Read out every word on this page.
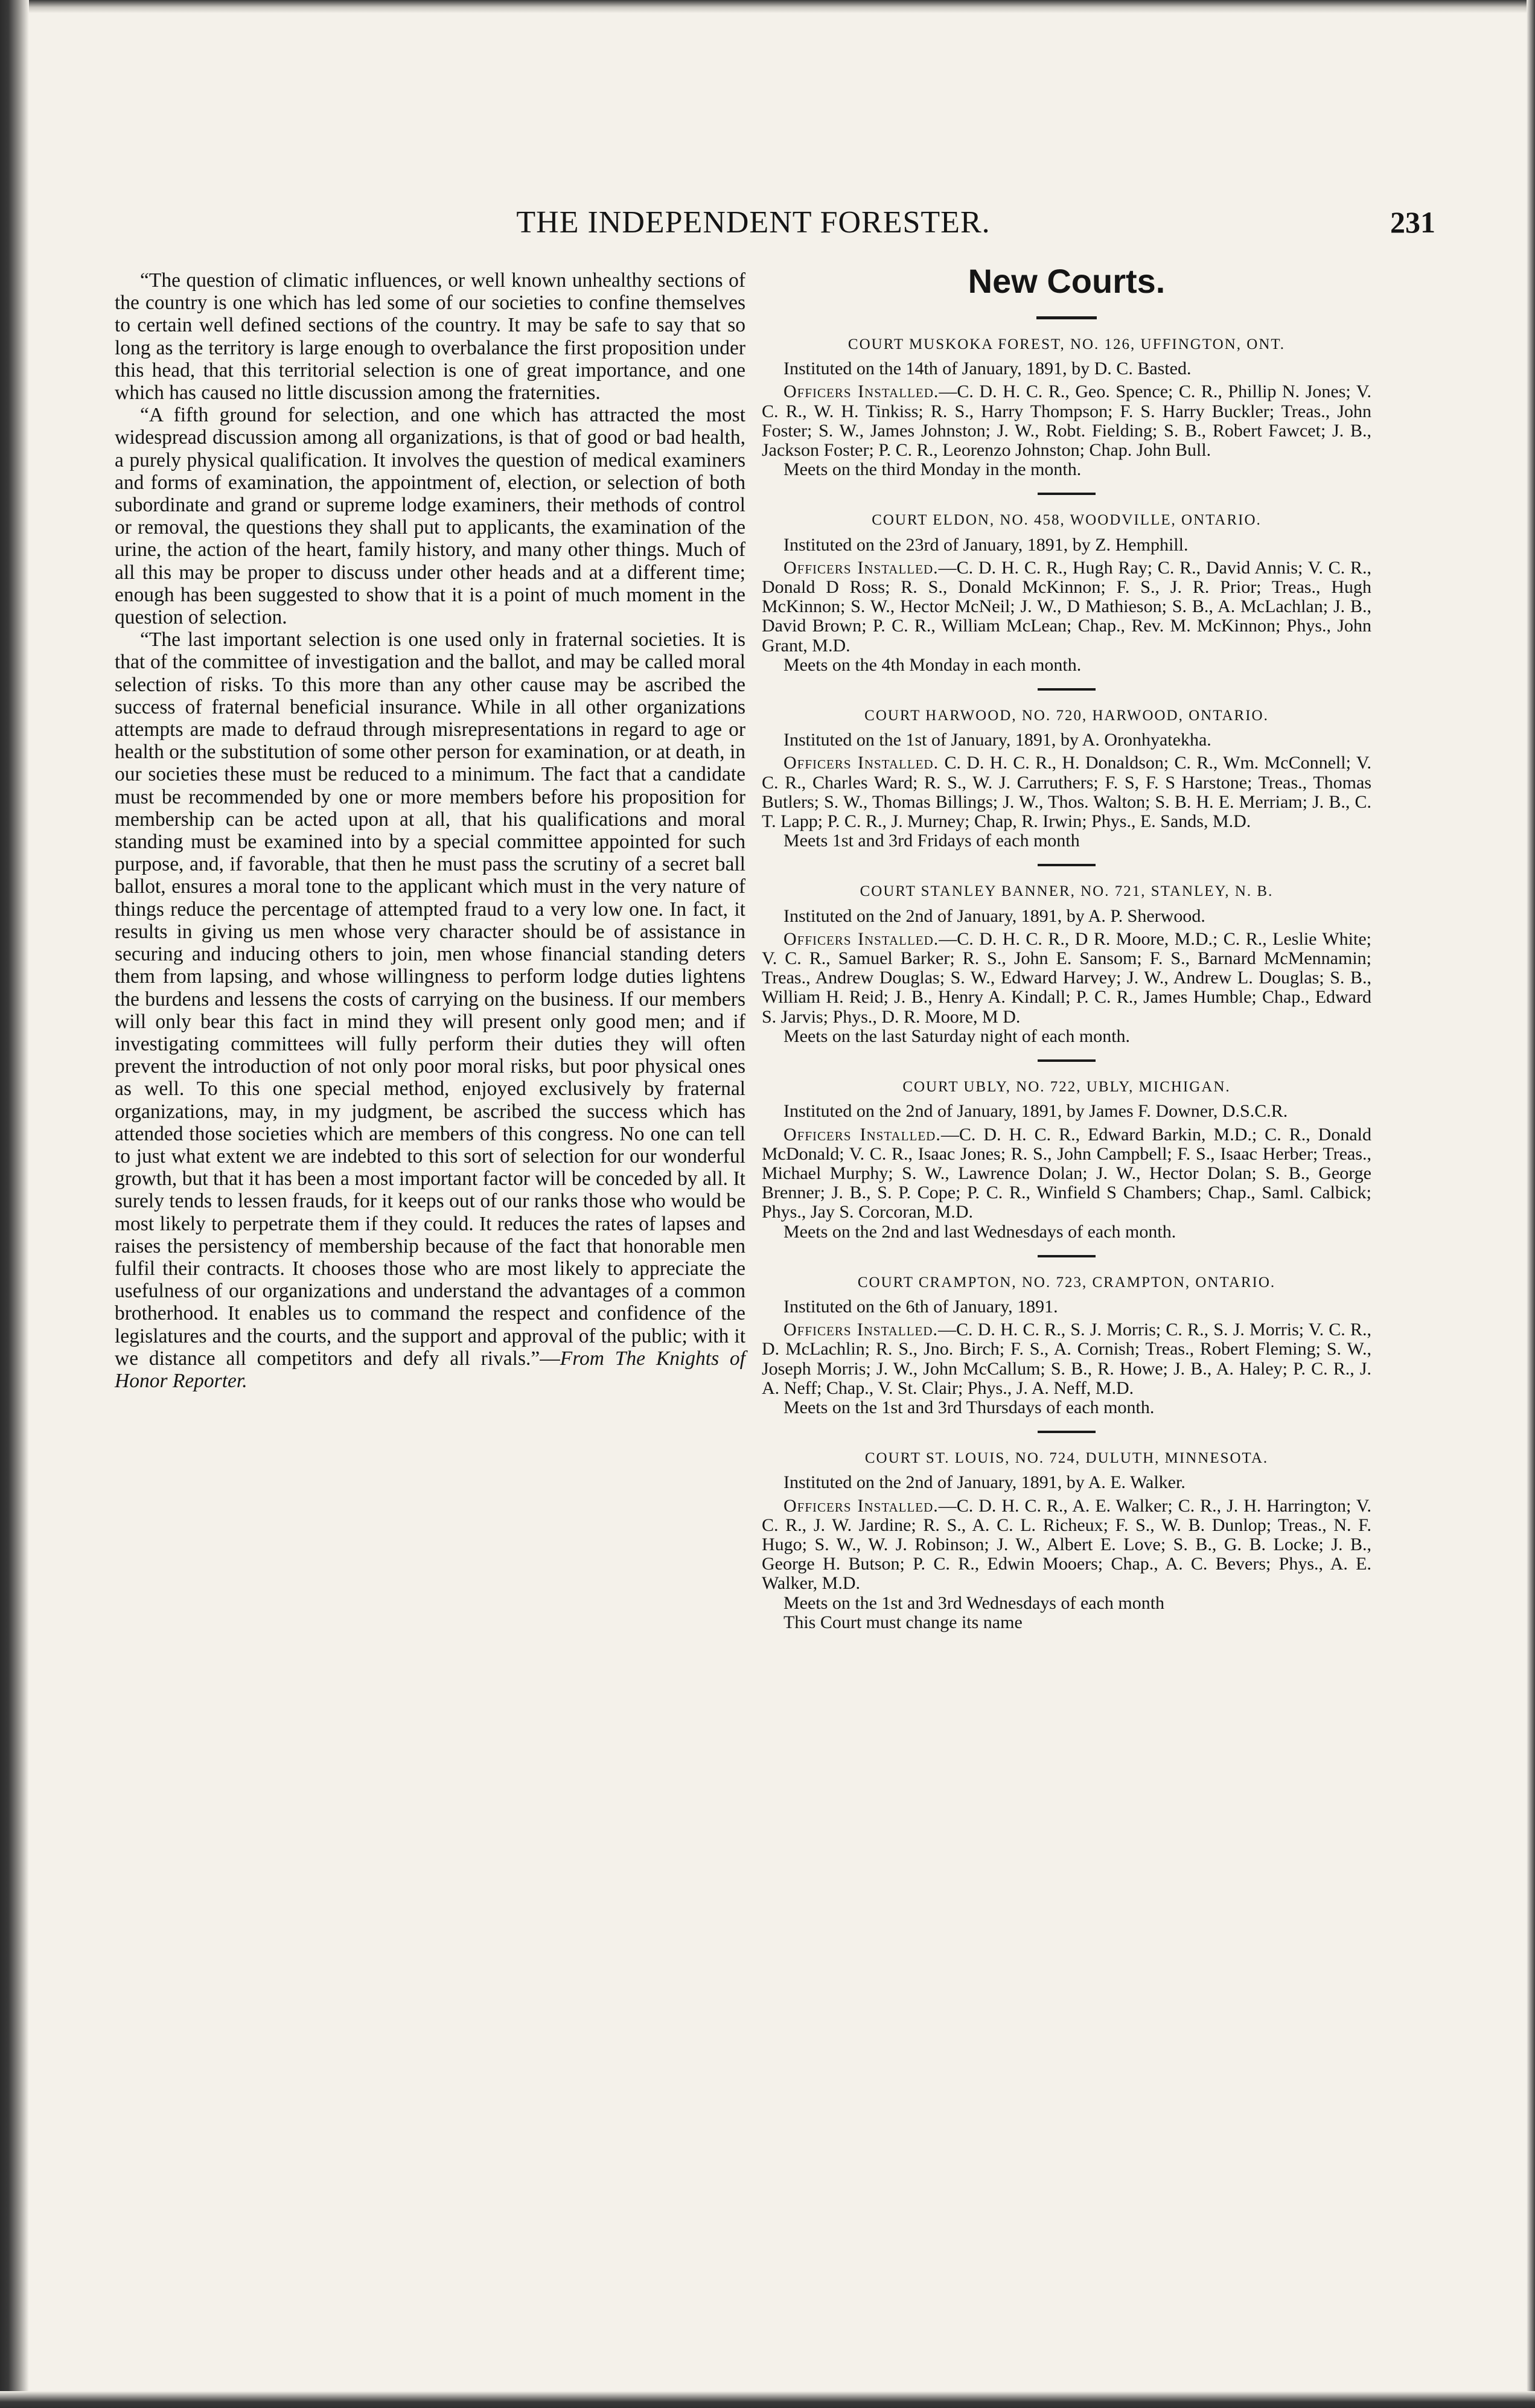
THE INDEPENDENT FORESTER.	231

“The question of climatic influences, or well known unhealthy sections of the country is one which has led some of our societies to confine themselves to certain well defined sections of the country. It may be safe to say that so long as the territory is large enough to overbalance the first proposition under this head, that this territorial selection is one of great importance, and one which has caused no little discussion among the fraternities.

“A fifth ground for selection, and one which has attracted the most widespread discussion among all organizations, is that of good or bad health, a purely physical qualification. It involves the question of medical examiners and forms of examination, the appointment of, election, or selection of both subordinate and grand or supreme lodge examiners, their methods of control or removal, the questions they shall put to applicants, the examination of the urine, the action of the heart, family history, and many other things. Much of all this may be proper to discuss under other heads and at a different time; enough has been suggested to show that it is a point of much moment in the question of selection.

“The last important selection is one used only in fraternal societies. It is that of the committee of investigation and the ballot, and may be called moral selection of risks. To this more than any other cause may be ascribed the success of fraternal beneficial insurance. While in all other organizations attempts are made to defraud through misrepresentations in regard to age or health or the substitution of some other person for examination, or at death, in our societies these must be reduced to a minimum. The fact that a candidate must be recommended by one or more members before his proposition for membership can be acted upon at all, that his qualifications and moral standing must be examined into by a special committee appointed for such purpose, and, if favorable, that then he must pass the scrutiny of a secret ball ballot, ensures a moral tone to the applicant which must in the very nature of things reduce the percentage of attempted fraud to a very low one. In fact, it results in giving us men whose very character should be of assistance in securing and inducing others to join, men whose financial standing deters them from lapsing, and whose willingness to perform lodge duties lightens the burdens and lessens the costs of carrying on the business. If our members will only bear this fact in mind they will present only good men; and if investigating committees will fully perform their duties they will often prevent the introduction of not only poor moral risks, but poor physical ones as well. To this one special method, enjoyed exclusively by fraternal organizations, may, in my judgment, be ascribed the success which has attended those societies which are members of this congress. No one can tell to just what extent we are indebted to this sort of selection for our wonderful growth, but that it has been a most important factor will be conceded by all. It surely tends to lessen frauds, for it keeps out of our ranks those who would be most likely to perpetrate them if they could. It reduces the rates of lapses and raises the persistency of membership because of the fact that honorable men fulfil their contracts. It chooses those who are most likely to appreciate the usefulness of our organizations and understand the advantages of a common brotherhood. It enables us to command the respect and confidence of the legislatures and the courts, and the support and approval of the public; with it we distance all competitors and defy all rivals.”—From The Knights of Honor Reporter.

New Courts.
COURT MUSKOKA FOREST, NO. 126, UFFINGTON, ONT.

Instituted on the 14th of January, 1891, by D. C. Basted.

Officers Installed.—C. D. H. C. R., Geo. Spence; C. R., Phillip N. Jones; V. C. R., W. H. Tinkiss; R. S., Harry Thompson; F. S. Harry Buckler; Treas., John Foster; S. W., James Johnston; J. W., Robt. Fielding; S. B., Robert Fawcet; J. B., Jackson Foster; P. C. R., Leorenzo Johnston; Chap. John Bull.

Meets on the third Monday in the month.

COURT ELDON, NO. 458, WOODVILLE, ONTARIO.

Instituted on the 23rd of January, 1891, by Z. Hemphill.

Officers Installed.—C. D. H. C. R., Hugh Ray; C. R., David Annis; V. C. R., Donald D Ross; R. S., Donald McKinnon; F. S., J. R. Prior; Treas., Hugh McKinnon; S. W., Hector McNeil; J. W., D Mathieson; S. B., A. McLachlan; J. B., David Brown; P. C. R., William McLean; Chap., Rev. M. McKinnon; Phys., John Grant, M.D.

Meets on the 4th Monday in each month.

COURT HARWOOD, NO. 720, HARWOOD, ONTARIO.

Instituted on the 1st of January, 1891, by A. Oronhyatekha.

Officers Installed. C. D. H. C. R., H. Donaldson; C. R., Wm. McConnell; V. C. R., Charles Ward; R. S., W. J. Carruthers; F. S, F. S Harstone; Treas., Thomas Butlers; S. W., Thomas Billings; J. W., Thos. Walton; S. B. H. E. Merriam; J. B., C. T. Lapp; P. C. R., J. Murney; Chap, R. Irwin; Phys., E. Sands, M.D.

Meets 1st and 3rd Fridays of each month

COURT STANLEY BANNER, NO. 721, STANLEY, N. B.

Instituted on the 2nd of January, 1891, by A. P. Sherwood.

Officers Installed.—C. D. H. C. R., D R. Moore, M.D.; C. R., Leslie White; V. C. R., Samuel Barker; R. S., John E. Sansom; F. S., Barnard McMennamin; Treas., Andrew Douglas; S. W., Edward Harvey; J. W., Andrew L. Douglas; S. B., William H. Reid; J. B., Henry A. Kindall; P. C. R., James Humble; Chap., Edward S. Jarvis; Phys., D. R. Moore, M D.

Meets on the last Saturday night of each month.

COURT UBLY, NO. 722, UBLY, MICHIGAN.

Instituted on the 2nd of January, 1891, by James F. Downer, D.S.C.R.

Officers Installed.—C. D. H. C. R., Edward Barkin, M.D.; C. R., Donald McDonald; V. C. R., Isaac Jones; R. S., John Campbell; F. S., Isaac Herber; Treas., Michael Murphy; S. W., Lawrence Dolan; J. W., Hector Dolan; S. B., George Brenner; J. B., S. P. Cope; P. C. R., Winfield S Chambers; Chap., Saml. Calbick; Phys., Jay S. Corcoran, M.D.

Meets on the 2nd and last Wednesdays of each month.

COURT CRAMPTON, NO. 723, CRAMPTON, ONTARIO.

Instituted on the 6th of January, 1891.

Officers Installed.—C. D. H. C. R., S. J. Morris; C. R., S. J. Morris; V. C. R., D. McLachlin; R. S., Jno. Birch; F. S., A. Cornish; Treas., Robert Fleming; S. W., Joseph Morris; J. W., John McCallum; S. B., R. Howe; J. B., A. Haley; P. C. R., J. A. Neff; Chap., V. St. Clair; Phys., J. A. Neff, M.D.

Meets on the 1st and 3rd Thursdays of each month.

COURT ST. LOUIS, NO. 724, DULUTH, MINNESOTA.

Instituted on the 2nd of January, 1891, by A. E. Walker.

Officers Installed.—C. D. H. C. R., A. E. Walker; C. R., J. H. Harrington; V. C. R., J. W. Jardine; R. S., A. C. L. Richeux; F. S., W. B. Dunlop; Treas., N. F. Hugo; S. W., W. J. Robinson; J. W., Albert E. Love; S. B., G. B. Locke; J. B., George H. Butson; P. C. R., Edwin Mooers; Chap., A. C. Bevers; Phys., A. E. Walker, M.D.

Meets on the 1st and 3rd Wednesdays of each month

This Court must change its name
